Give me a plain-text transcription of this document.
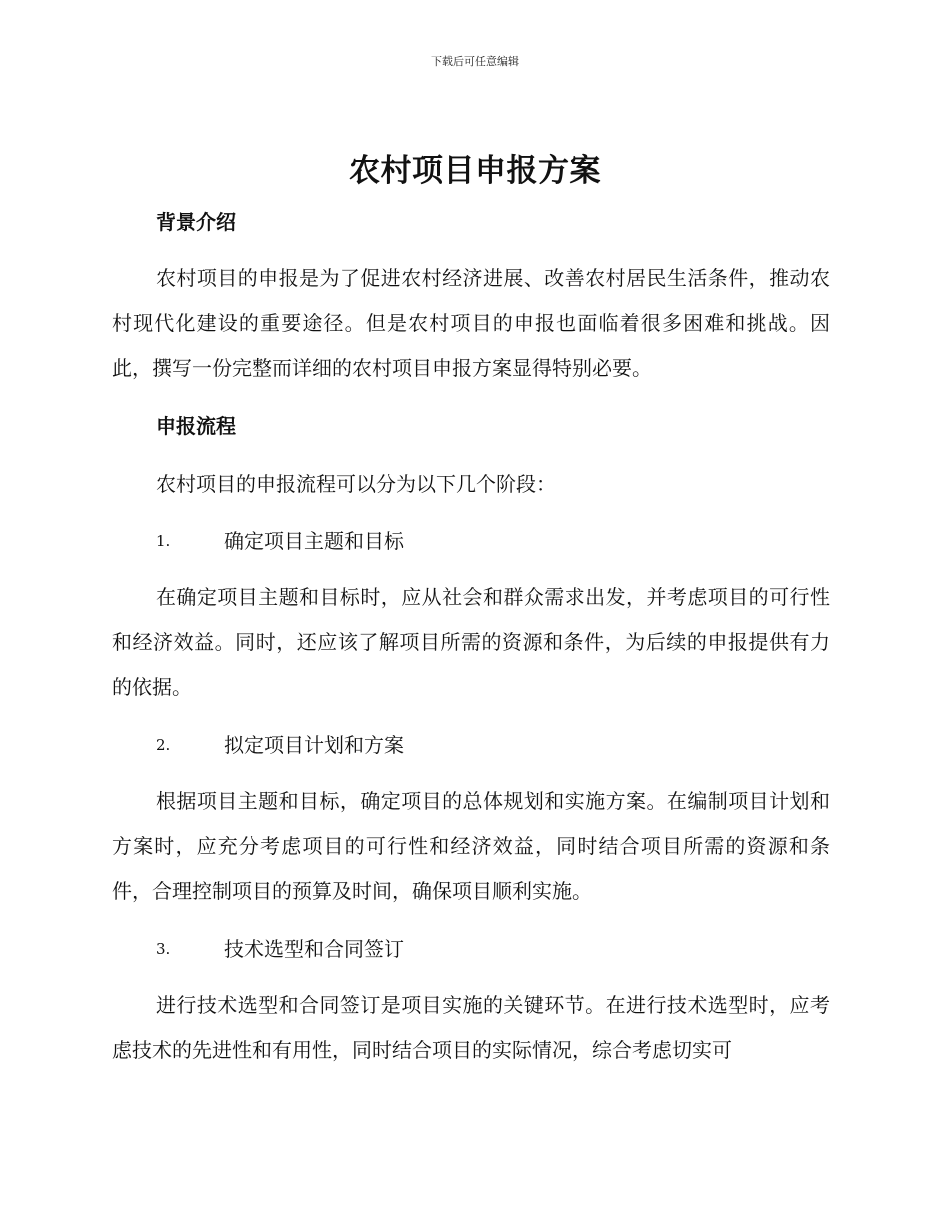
下载后可任意编辑
农村项目申报方案
背景介绍

农村项目的申报是为了促进农村经济进展、改善农村居民生活条件，推动农村现代化建设的重要途径。但是农村项目的申报也面临着很多困难和挑战。因此，撰写一份完整而详细的农村项目申报方案显得特别必要。

申报流程
农村项目的申报流程可以分为以下几个阶段：
1.	确定项目主题和目标

在确定项目主题和目标时，应从社会和群众需求出发，并考虑项目的可行性和经济效益。同时，还应该了解项目所需的资源和条件，为后续的申报提供有力的依据。

2.	拟定项目计划和方案

根据项目主题和目标，确定项目的总体规划和实施方案。在编制项目计划和方案时，应充分考虑项目的可行性和经济效益，同时结合项目所需的资源和条件，合理控制项目的预算及时间，确保项目顺利实施。

3.	技术选型和合同签订

进行技术选型和合同签订是项目实施的关键环节。在进行技术选型时，应考虑技术的先进性和有用性，同时结合项目的实际情况，综合考虑切实可
